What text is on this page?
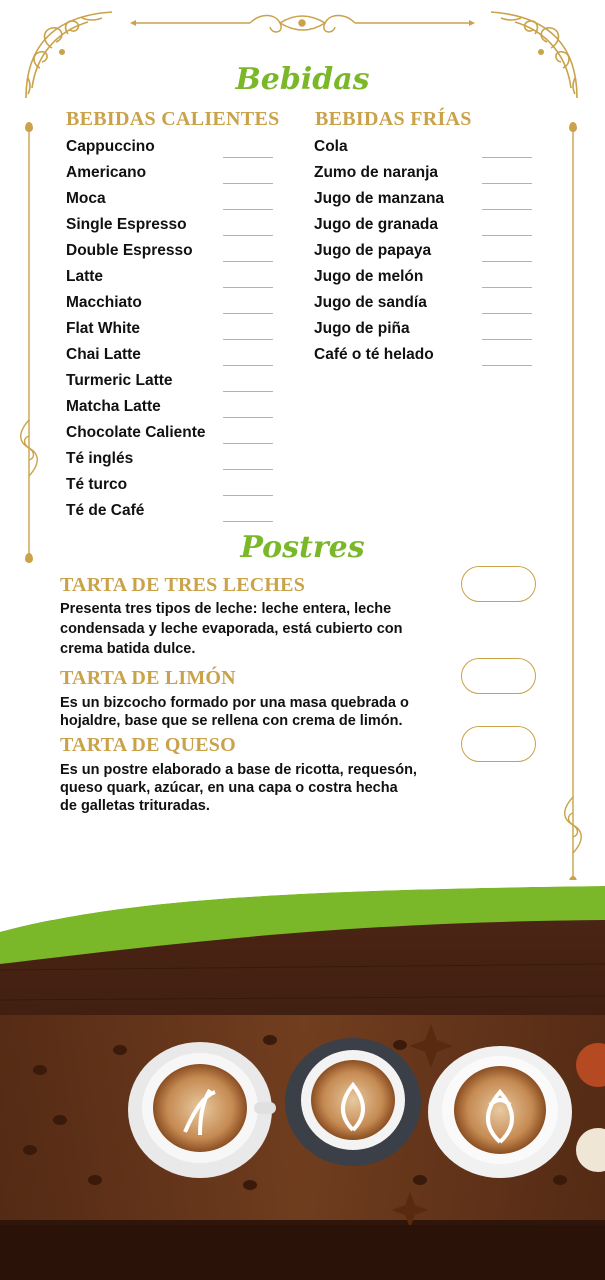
Bebidas
BEBIDAS CALIENTES BEBIDAS FRÍAS
Cappuccino
Americano
Moca
Single Espresso
Double Espresso
Latte
Macchiato
Flat White
Chai Latte
Turmeric Latte
Matcha Latte
Chocolate Caliente
Té inglés
Té turco
Té de Café
Cola
Zumo de naranja
Jugo de manzana
Jugo de granada
Jugo de papaya
Jugo de melón
Jugo de sandía
Jugo de piña
Café o té helado
Postres
TARTA DE TRES LECHES
Presenta tres tipos de leche: leche entera, leche
condensada y leche evaporada, está cubierto con
crema batida dulce.
TARTA DE LIMÓN
Es un bizcocho formado por una masa quebrada o
hojaldre, base que se rellena con crema de limón.
TARTA DE QUESO
Es un postre elaborado a base de ricotta, requesón,
queso quark, azúcar, en una capa o costra hecha
de galletas trituradas.
